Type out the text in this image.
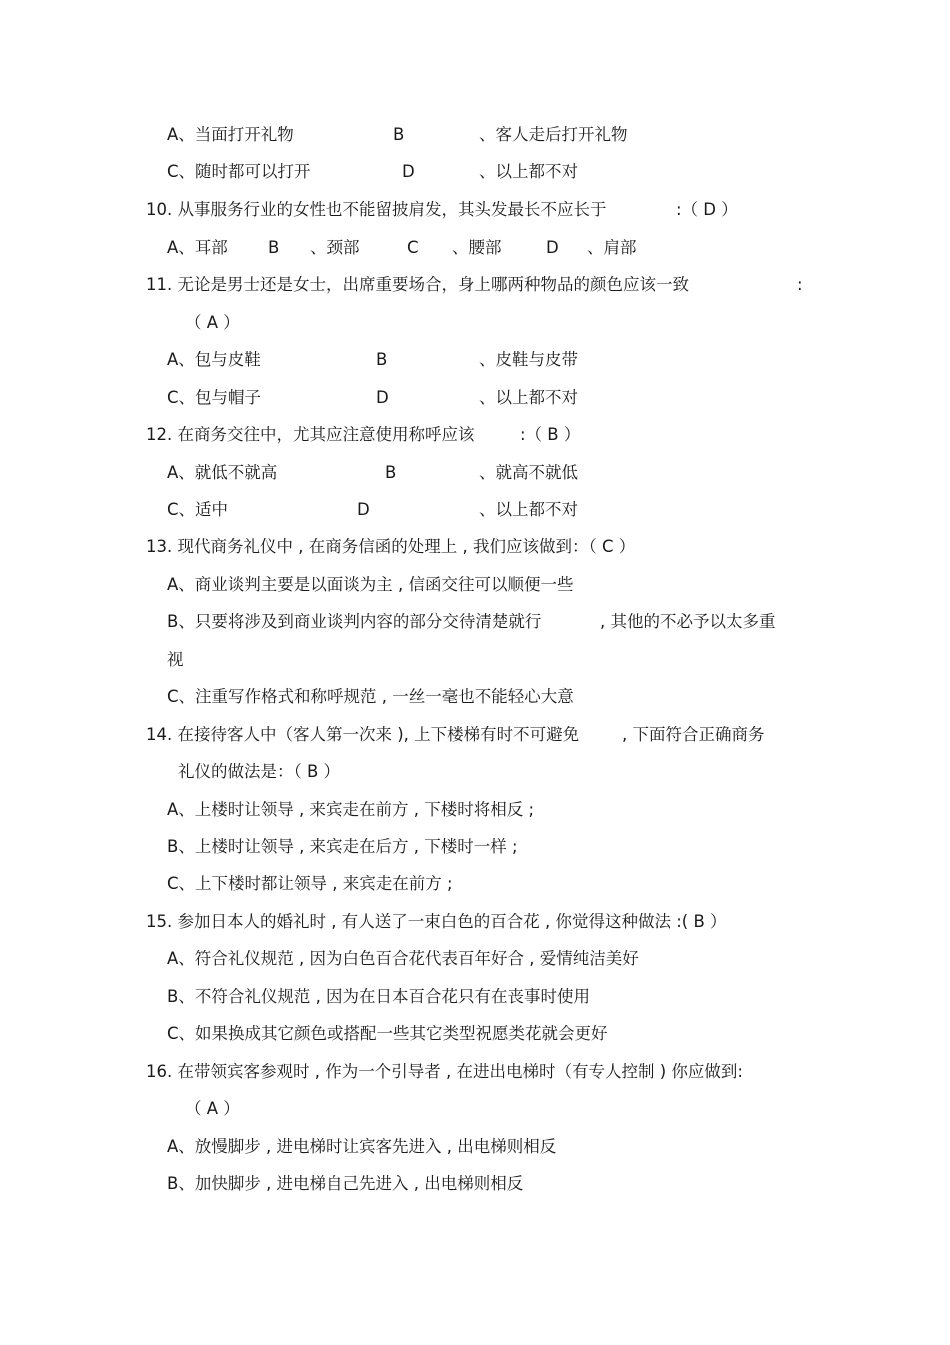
A、当面打开礼物	B	、客人走后打开礼物
C、随时都可以打开	D	、以上都不对
10. 从事服务行业的女性也不能留披肩发，其头发最长不应长于	:（ D ）
A、耳部 B 、颈部	C 、腰部	D 、肩部
11. 无论是男士还是女士，出席重要场合，身上哪两种物品的颜色应该一致	:
（ A ）
A、包与皮鞋	B	、皮鞋与皮带
C、包与帽子	D	、以上都不对
12. 在商务交往中，尤其应注意使用称呼应该	:（ B ）
A、就低不就高	B	、就高不就低
C、适中	D	、以上都不对
13. 现代商务礼仪中 , 在商务信函的处理上 , 我们应该做到：（ C ）
A、商业谈判主要是以面谈为主 , 信函交往可以顺便一些
B、只要将涉及到商业谈判内容的部分交待清楚就行	, 其他的不必予以太多重
视
C、注重写作格式和称呼规范 , 一丝一毫也不能轻心大意
14. 在接待客人中（客人第一次来 ), 上下楼梯有时不可避免	, 下面符合正确商务
礼仪的做法是：（ B ）
A、上楼时让领导 , 来宾走在前方 , 下楼时将相反 ;
B、上楼时让领导 , 来宾走在后方 , 下楼时一样 ;
C、上下楼时都让领导 , 来宾走在前方 ;
15. 参加日本人的婚礼时 , 有人送了一束白色的百合花 , 你觉得这种做法 :( B ）
A、符合礼仪规范 , 因为白色百合花代表百年好合 , 爱情纯洁美好
B、不符合礼仪规范 , 因为在日本百合花只有在丧事时使用
C、如果换成其它颜色或搭配一些其它类型祝愿类花就会更好
16. 在带领宾客参观时 , 作为一个引导者 , 在进出电梯时（有专人控制 ) 你应做到:
（ A ）
A、放慢脚步 , 进电梯时让宾客先进入 , 出电梯则相反
B、加快脚步 , 进电梯自己先进入 , 出电梯则相反
